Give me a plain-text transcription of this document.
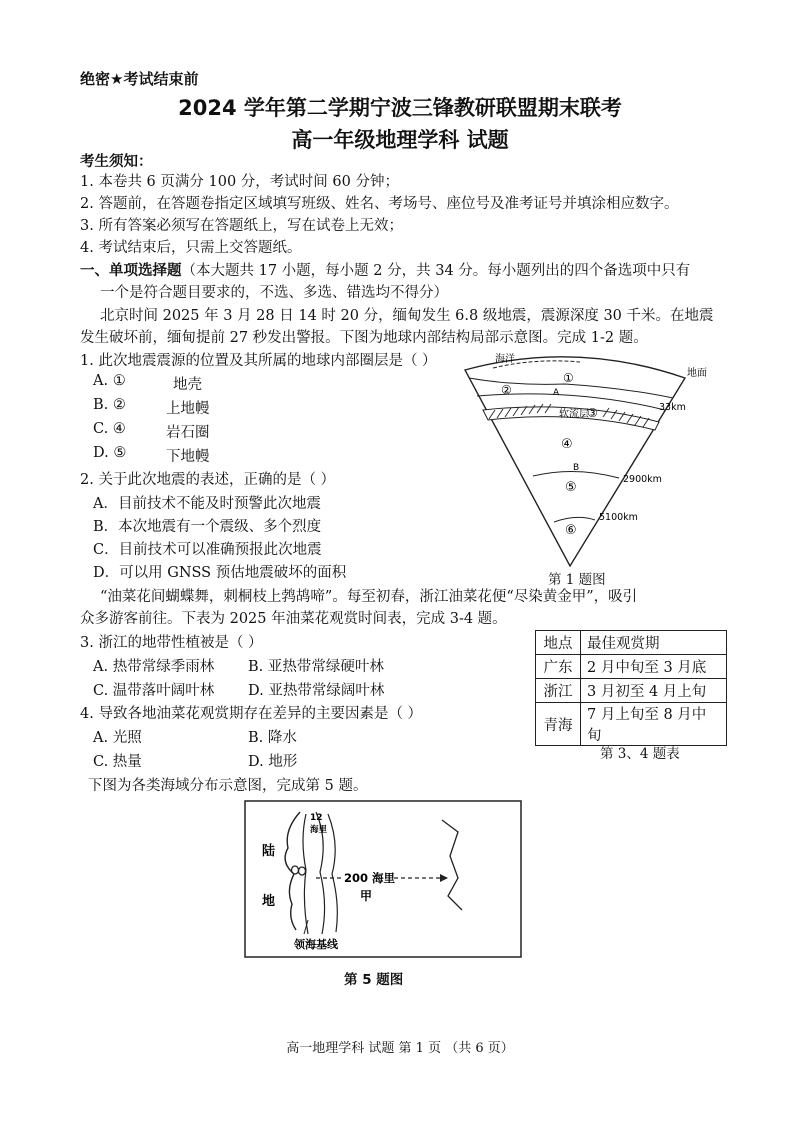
绝密★考试结束前
2024 学年第二学期宁波三锋教研联盟期末联考
高一年级地理学科 试题
考生须知：
1. 本卷共 6 页满分 100 分，考试时间 60 分钟；
2. 答题前，在答题卷指定区域填写班级、姓名、考场号、座位号及准考证号并填涂相应数字。
3. 所有答案必须写在答题纸上，写在试卷上无效；
4. 考试结束后，只需上交答题纸。
一、单项选择题（本大题共 17 小题，每小题 2 分，共 34 分。每小题列出的四个备选项中只有
一个是符合题目要求的，不选、多选、错选均不得分）
北京时间 2025 年 3 月 28 日 14 时 20 分，缅甸发生 6.8 级地震，震源深度 30 千米。在地震
发生破坏前，缅甸提前 27 秒发出警报。下图为地球内部结构局部示意图。完成 1-2 题。
1. 此次地震震源的位置及其所属的地球内部圈层是（ ）
A. ①	地壳
B. ②	上地幔
C. ④	岩石圈
D. ⑤	下地幔
2. 关于此次地震的表述，正确的是（ ）
A．目前技术不能及时预警此次地震
B．本次地震有一个震级、多个烈度
C．目前技术可以准确预报此次地震
D．可以用 GNSS 预估地震破坏的面积
海洋
地面
33km
2900km
5100km
①
②	A
软流层
③
④
B
⑤
⑥
第 1 题图
“油菜花间蝴蝶舞，刺桐枝上鹁鸪啼”。每至初春，浙江油菜花便“尽染黄金甲”，吸引
众多游客前往。下表为 2025 年油菜花观赏时间表，完成 3-4 题。
地点	最佳观赏期
广东	2 月中旬至 3 月底
浙江	3 月初至 4 月上旬
青海	7 月上旬至 8 月中旬
第 3、4 题表
3. 浙江的地带性植被是（ ）
A. 热带常绿季雨林 B. 亚热带常绿硬叶林
C. 温带落叶阔叶林 D. 亚热带常绿阔叶林
4. 导致各地油菜花观赏期存在差异的主要因素是（ ）
A. 光照	B. 降水
C. 热量	D. 地形
下图为各类海域分布示意图，完成第 5 题。
陆
地
12
海里
200 海里
甲
领海基线
第 5 题图
高一地理学科 试题 第 1 页 （共 6 页）
